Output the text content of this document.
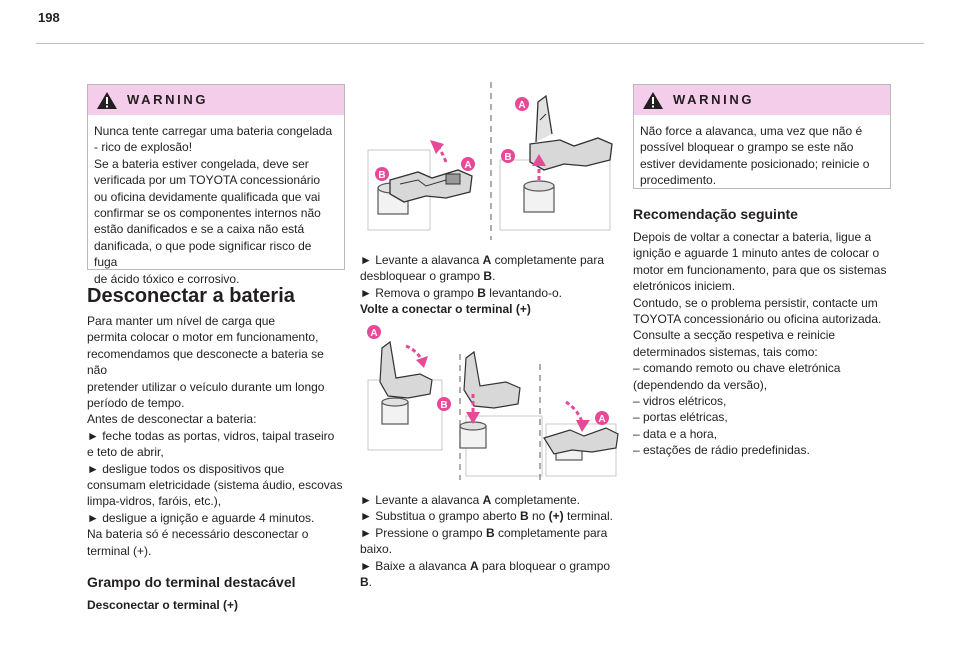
198
WARNING
Nunca tente carregar uma bateria congelada
- rico de explosão!
Se a bateria estiver congelada, deve ser
verificada por um TOYOTA concessionário
ou oficina devidamente qualificada que vai
confirmar se os componentes internos não
estão danificados e se a caixa não está
danificada, o que pode significar risco de fuga
de ácido tóxico e corrosivo.
Desconectar a bateria
Para manter um nível de carga que
permita colocar o motor em funcionamento,
recomendamos que desconecte a bateria se não
pretender utilizar o veículo durante um longo
período de tempo.
Antes de desconectar a bateria:
► feche todas as portas, vidros, taipal traseiro
e teto de abrir,
► desligue todos os dispositivos que
consumam eletricidade (sistema áudio, escovas
limpa-vidros, faróis, etc.),
► desligue a ignição e aguarde 4 minutos.
Na bateria só é necessário desconectar o
terminal (+).
Grampo do terminal destacável
Desconectar o terminal (+)
B
A
A
B

► Levante a alavanca A completamente para

desbloquear o grampo B.

► Remova o grampo B levantando-o.

Volte a conectar o terminal (+)

A
B
A

► Levante a alavanca A completamente.

► Substitua o grampo aberto B no (+) terminal.

► Pressione o grampo B completamente para

baixo.

► Baixe a alavanca A para bloquear o grampo

B.

WARNING
Não force a alavanca, uma vez que não é
possível bloquear o grampo se este não
estiver devidamente posicionado; reinicie o
procedimento.
Recomendação seguinte
Depois de voltar a conectar a bateria, ligue a
ignição e aguarde 1 minuto antes de colocar o
motor em funcionamento, para que os sistemas
eletrónicos iniciem.
Contudo, se o problema persistir, contacte um
TOYOTA concessionário ou oficina autorizada.
Consulte a secção respetiva e reinicie
determinados sistemas, tais como:
– comando remoto ou chave eletrónica
(dependendo da versão),
– vidros elétricos,
– portas elétricas,
– data e a hora,
– estações de rádio predefinidas.
